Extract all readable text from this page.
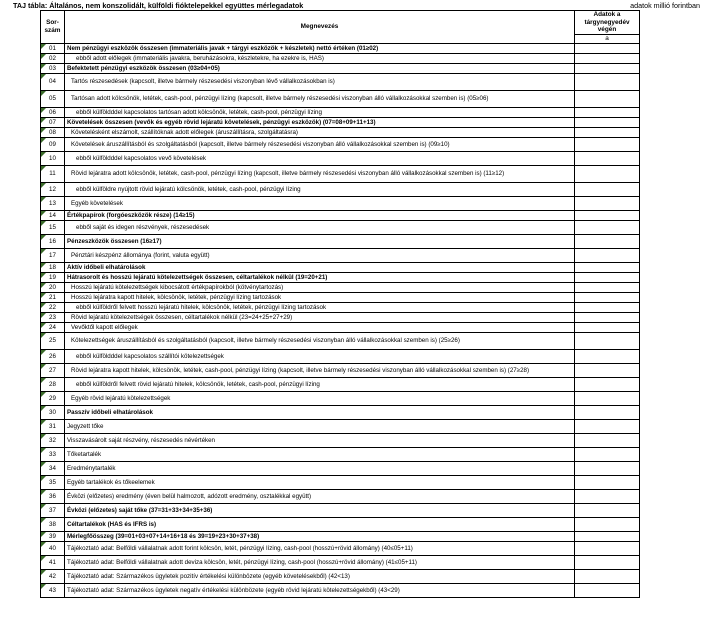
TAJ tábla: Általános, nem konszolidált, külföldi fióktelepekkel együttes mérlegadatok	adatok millió forintban
Sor-szám	Megnevezés	Adatok a tárgynegyedév végén
		a
01	Nem pénzügyi eszközök összesen (immateriális javak + tárgyi eszközök + készletek) nettó értéken (01≥02)	
02	ebből adott előlegek (immateriális javakra, beruházásokra, készletekre, ha ezekre is, HAS)	
03	Befektetett pénzügyi eszközök összesen (03≥04+05)	
04	Tartós részesedések (kapcsolt, illetve bármely részesedési viszonyban lévő vállalkozásokban is)	
05	Tartósan adott kölcsönök, letétek, cash-pool, pénzügyi lízing (kapcsolt, illetve bármely részesedési viszonyban álló vállalkozásokkal szemben is) (05≥06)	
06	ebből külföldddel kapcsolatos tartósan adott kölcsönök, letétek, cash-pool, pénzügyi lízing	
07	Követelések összesen (vevők és egyéb rövid lejáratú követelések, pénzügyi eszközök) (07=08+09+11+13)	
08	Követelésként elszámolt, szállítóknak adott előlegek (áruszállításra, szolgáltatásra)	
09	Követelések áruszállításból és szolgáltatásból (kapcsolt, illetve bármely részesedési viszonyban álló vállalkozásokkal szemben is) (09≥10)	
10	ebből külföldddel kapcsolatos vevő követelések	
11	Rövid lejáratra adott kölcsönök, letétek, cash-pool, pénzügyi lízing (kapcsolt, illetve bármely részesedési viszonyban álló vállalkozásokkal szemben is) (11≥12)	
12	ebből külföldre nyújtott rövid lejáratú kölcsönök, letétek, cash-pool, pénzügyi lízing	
13	Egyéb követelések	
14	Értékpapírok (forgóeszközök része) (14≥15)	
15	ebből saját és idegen részvények, részesedések	
16	Pénzeszközök összesen (16≥17)	
17	Pénztári készpénz állománya (forint, valuta együtt)	
18	Aktív időbeli elhatárolások	
19	Hátrasorolt és hosszú lejáratú kötelezettségek összesen, céltartalékok nélkül (19=20+21)	
20	Hosszú lejáratú kötelezettségek kibocsátott értékpapírokból (kötvénytartozás)	
21	Hosszú lejáratra kapott hitelek, kölcsönök, letétek, pénzügyi lízing tartozások	
22	ebből külföldről felvett hosszú lejáratú hitelek, kölcsönök, letétek, pénzügyi lízing tartozások	
23	Rövid lejáratú kötelezettségek összesen, céltartalékok nélkül (23=24+25+27+29)	
24	Vevőktől kapott előlegek	
25	Kötelezettségek áruszállításból és szolgáltatásból (kapcsolt, illetve bármely részesedési viszonyban álló vállalkozásokkal szemben is) (25≥26)	
26	ebből külföldddel kapcsolatos szállítói kötelezettségek	
27	Rövid lejáratra kapott hitelek, kölcsönök, letétek, cash-pool, pénzügyi lízing (kapcsolt, illetve bármely részesedési viszonyban álló vállalkozásokkal szemben is) (27≥28)	
28	ebből külföldről felvett rövid lejáratú hitelek, kölcsönök, letétek, cash-pool, pénzügyi lízing	
29	Egyéb rövid lejáratú kötelezettségek	
30	Passzív időbeli elhatárolások	
31	Jegyzett tőke	
32	Visszavásárolt saját részvény, részesedés névértéken	
33	Tőketartalék	
34	Eredménytartalék	
35	Egyéb tartalékok és tőkeelemek	
36	Évközi (előzetes) eredmény (éven belül halmozott, adózott eredmény, osztalékkal együtt)	
37	Évközi (előzetes) saját tőke (37=31+33+34+35+36)	
38	Céltartalékok (HAS és IFRS is)	
39	Mérlegfőösszeg (39=01+03+07+14+16+18 és 39=19+23+30+37+38)	
40	Tájékoztató adat: Belföldi vállalatnak adott forint kölcsön, letét, pénzügyi lízing, cash-pool (hosszú+rövid állomány) (40≤05+11)	
41	Tájékoztató adat: Belföldi vállalatnak adott deviza kölcsön, letét, pénzügyi lízing, cash-pool (hosszú+rövid állomány) (41≤05+11)	
42	Tájékoztató adat: Származékos ügyletek pozitív értékelési különbözete (egyéb követelésekből) (42<13)	
43	Tájékoztató adat: Származékos ügyletek negatív értékelési különbözete (egyéb rövid lejáratú kötelezettségekből) (43<29)	
